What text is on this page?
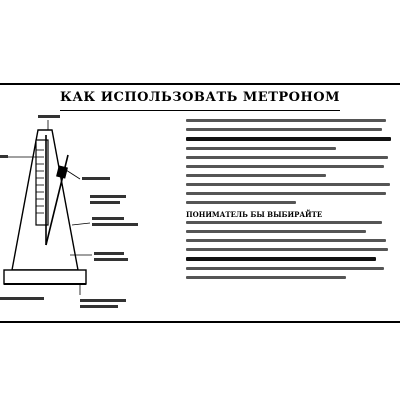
КАК ИСПОЛЬЗОВАТЬ МЕТРОНОМ
ПОНИМАТЕЛЬ БЫ ВЫБИРАЙТЕ
